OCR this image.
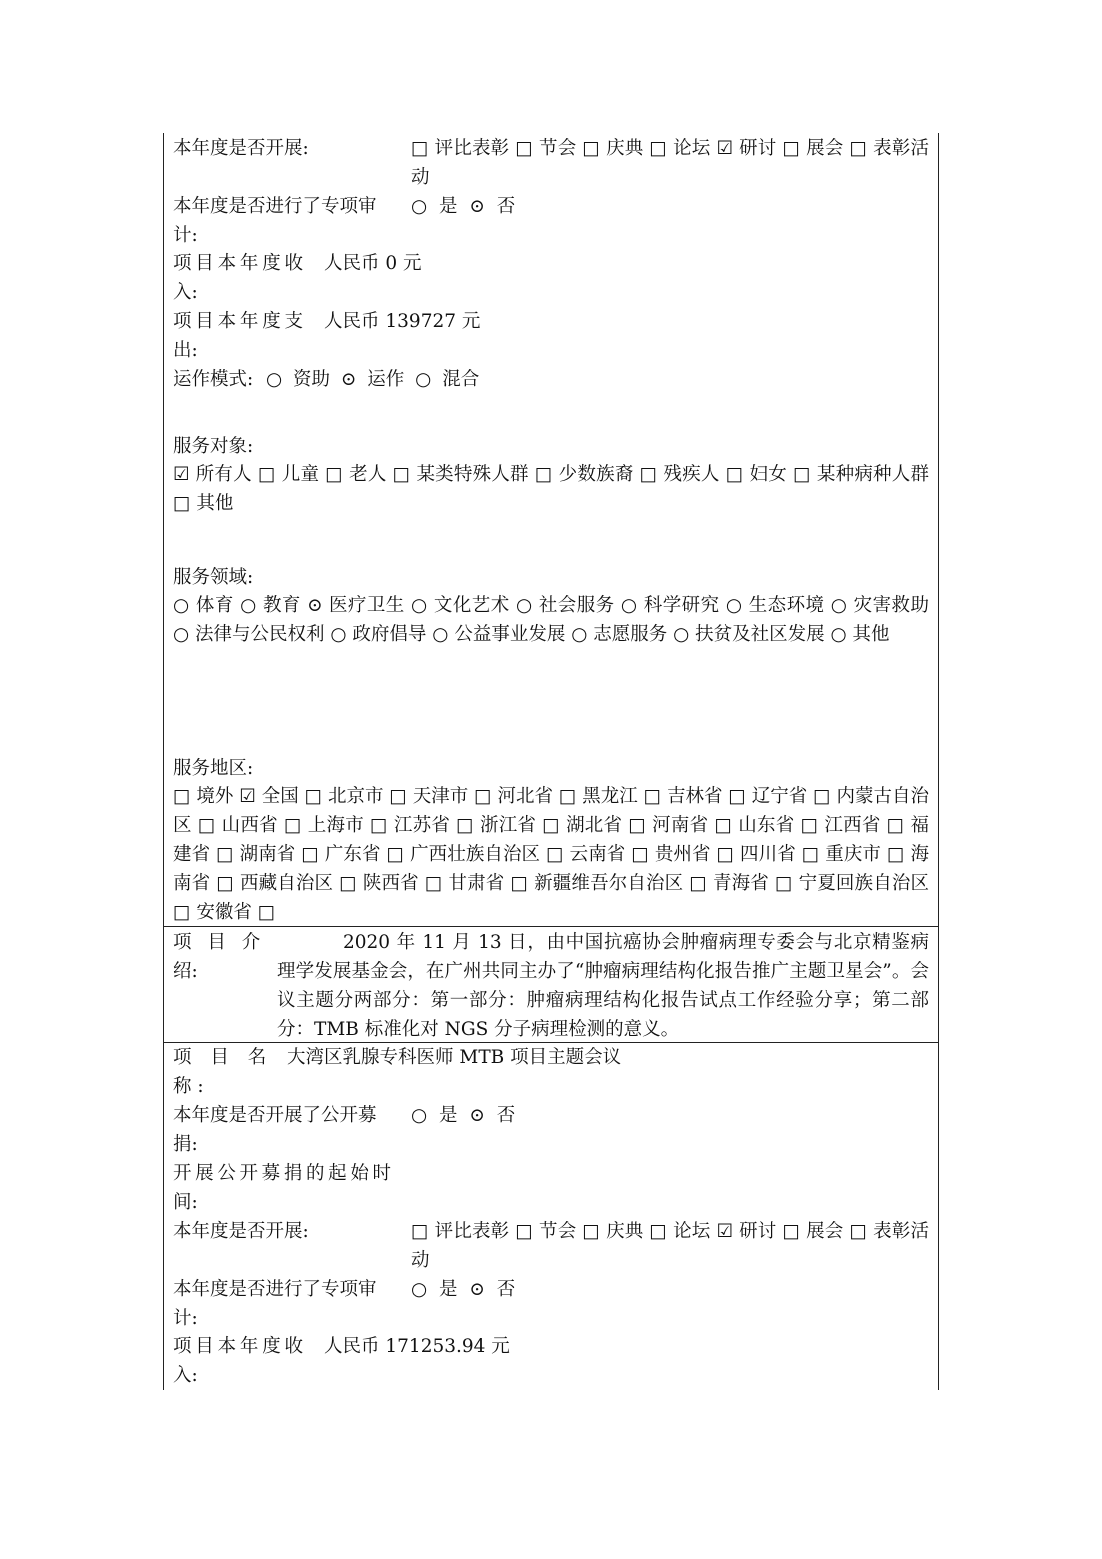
本年度是否开展:	□ 评比表彰 □ 节会 □ 庆典 □ 论坛 ☑ 研讨 □ 展会 □ 表彰活动
本年度是否进行了专项审
计:
○ 是 ⊙ 否
项目本年度收
入:
人民币 0 元
项目本年度支
出:
人民币 139727 元
运作模式: ○ 资助 ⊙ 运作 ○ 混合
服务对象:
☑ 所有人 □ 儿童 □ 老人 □ 某类特殊人群 □ 少数族裔 □ 残疾人 □ 妇女 □ 某种病种人群 □ 其他
服务领域:
○ 体育 ○ 教育 ⊙ 医疗卫生 ○ 文化艺术 ○ 社会服务 ○ 科学研究 ○ 生态环境 ○ 灾害救助 ○ 法律与公民权利 ○ 政府倡导 ○ 公益事业发展 ○ 志愿服务 ○ 扶贫及社区发展 ○ 其他
服务地区:
□ 境外 ☑ 全国 □ 北京市 □ 天津市 □ 河北省 □ 黑龙江 □ 吉林省 □ 辽宁省 □ 内蒙古自治区 □ 山西省 □ 上海市 □ 江苏省 □ 浙江省 □ 湖北省 □ 河南省 □ 山东省 □ 江西省 □ 福建省 □ 湖南省 □ 广东省 □ 广西壮族自治区 □ 云南省 □ 贵州省 □ 四川省 □ 重庆市 □ 海南省 □ 西藏自治区 □ 陕西省 □ 甘肃省 □ 新疆维吾尔自治区 □ 青海省 □ 宁夏回族自治区 □ 安徽省 □
项 目 介
绍:
2020 年 11 月 13 日，由中国抗癌协会肿瘤病理专委会与北京精鉴病理学发展基金会，在广州共同主办了“肿瘤病理结构化报告推广主题卫星会”。会议主题分两部分：第一部分：肿瘤病理结构化报告试点工作经验分享；第二部分：TMB 标准化对 NGS 分子病理检测的意义。
项 目 名
称 :
大湾区乳腺专科医师 MTB 项目主题会议
本年度是否开展了公开募
捐:
○ 是 ⊙ 否
开展公开募捐的起始时
间:
本年度是否开展:	□ 评比表彰 □ 节会 □ 庆典 □ 论坛 ☑ 研讨 □ 展会 □ 表彰活动
本年度是否进行了专项审
计:
○ 是 ⊙ 否
项目本年度收
入:
人民币 171253.94 元
